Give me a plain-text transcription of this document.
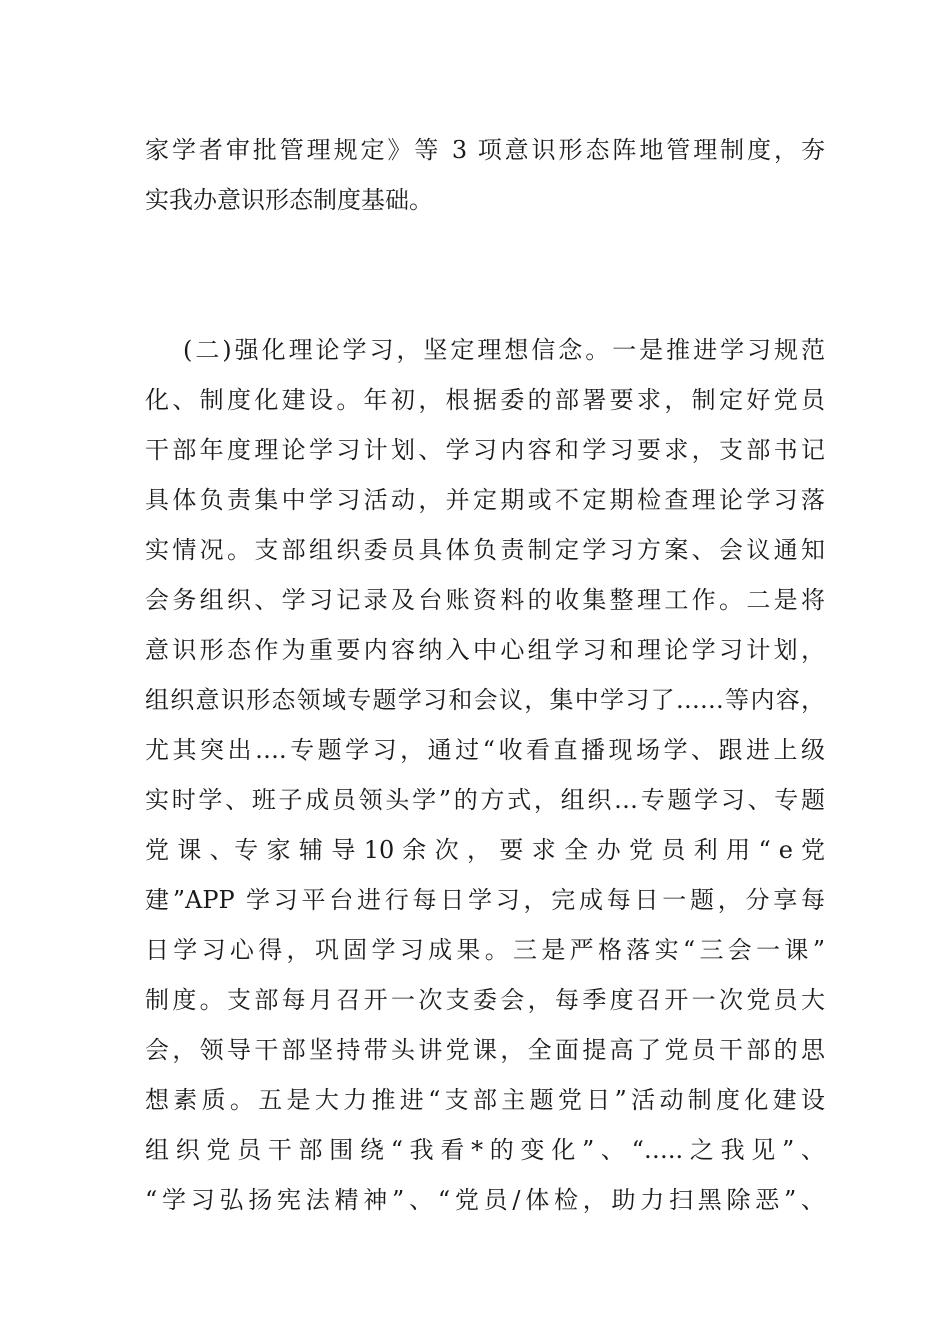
家学者审批管理规定》等 3 项意识形态阵地管理制度，夯
实我办意识形态制度基础。
(二)强化理论学习，坚定理想信念。一是推进学习规范
化、制度化建设。年初，根据委的部署要求，制定好党员
干部年度理论学习计划、学习内容和学习要求，支部书记
具体负责集中学习活动，并定期或不定期检查理论学习落
实情况。支部组织委员具体负责制定学习方案、会议通知
会务组织、学习记录及台账资料的收集整理工作。二是将
意识形态作为重要内容纳入中心组学习和理论学习计划，
组织意识形态领域专题学习和会议，集中学习了……等内容，
尤其突出….专题学习，通过“收看直播现场学、跟进上级
实时学、班子成员领头学”的方式，组织…专题学习、专题
党 课 、专 家 辅 导 10 余 次 ， 要 求 全 办 党 员 利 用 “ e 党
建”APP 学习平台进行每日学习，完成每日一题，分享每
日学习心得，巩固学习成果。三是严格落实“三会一课”
制度。支部每月召开一次支委会，每季度召开一次党员大
会，领导干部坚持带头讲党课，全面提高了党员干部的思
想素质。五是大力推进“支部主题党日”活动制度化建设
组织党员干部围绕“我看*的变化”、“…..之我见”、
“学习弘扬宪法精神”、“党员/体检，助力扫黑除恶”、
